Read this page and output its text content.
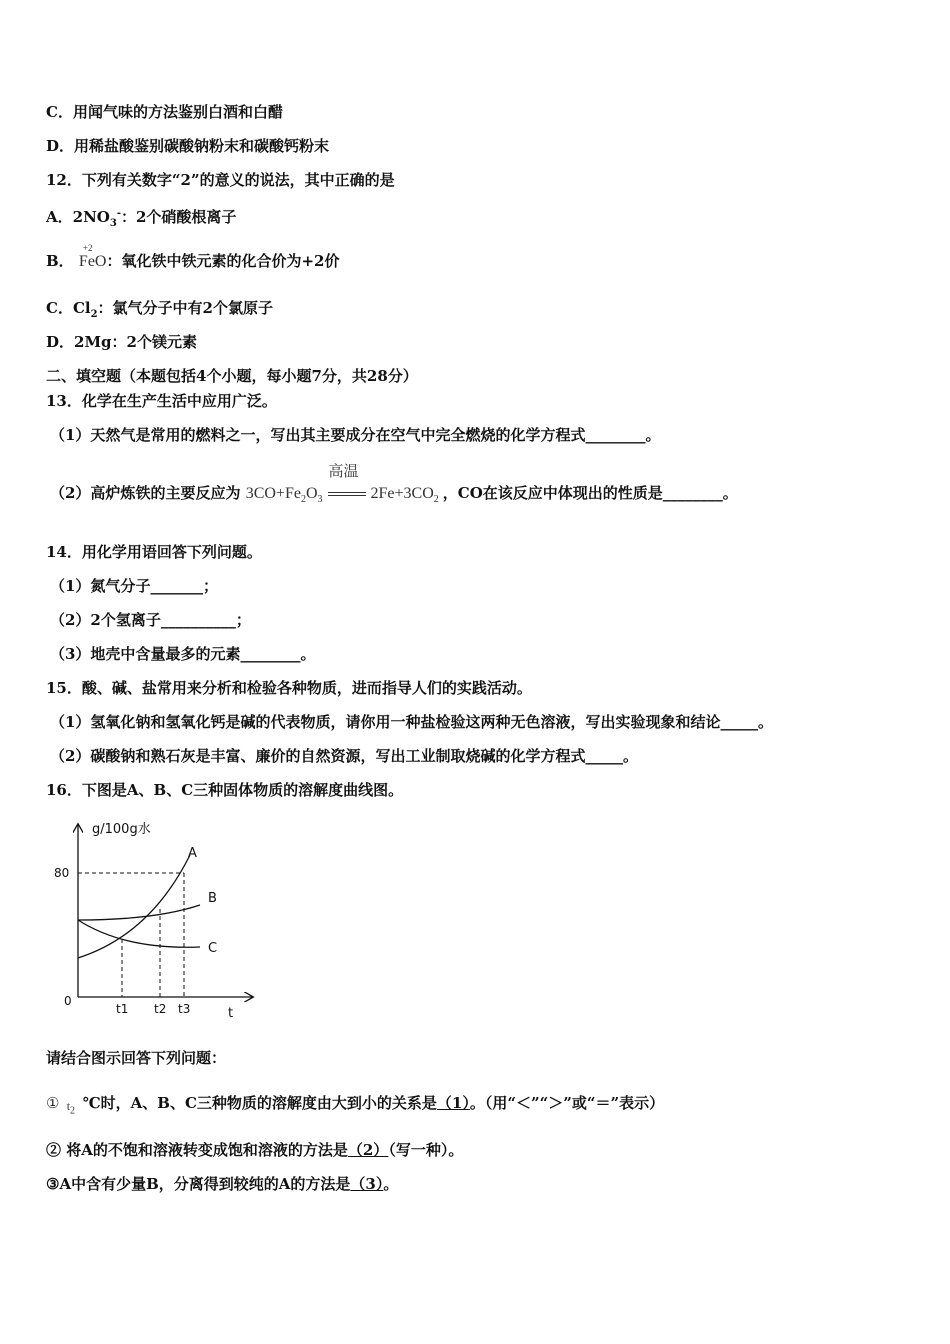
C．用闻气味的方法鉴别白酒和白醋
D．用稀盐酸鉴别碳酸钠粉末和碳酸钙粉末
12．下列有关数字“2”的意义的说法，其中正确的是
A．$2NO_3^-$：2个硝酸根离子
B．
+2
FeO：氧化铁中铁元素的化合价为+2价
C．$Cl_2$：氯气分子中有2个氯原子
D．2Mg：2个镁元素
二、填空题（本题包括4个小题，每小题7分，共28分）
13．化学在生产生活中应用广泛。
（1）天然气是常用的燃料之一，写出其主要成分在空气中完全燃烧的化学方程式________。
（2）高炉炼铁的主要反应为 $3CO+Fe_2O_3$
高温
$2Fe+3CO_2$ ，CO在该反应中体现出的性质是________。
14．用化学用语回答下列问题。
（1）氮气分子_______；
（2）2个氢离子__________；
（3）地壳中含量最多的元素________。
15．酸、碱、盐常用来分析和检验各种物质，进而指导人们的实践活动。
（1）氢氧化钠和氢氧化钙是碱的代表物质，请你用一种盐检验这两种无色溶液，写出实验现象和结论_____。
（2）碳酸钠和熟石灰是丰富、廉价的自然资源，写出工业制取烧碱的化学方程式_____。
16．下图是A、B、C三种固体物质的溶解度曲线图。
g/100g水
80
0
t
A
B
C
t1 t2 t3
请结合图示回答下列问题：
① $t_2$ ℃时，A、B、C三种物质的溶解度由大到小的关系是（1）。（用“＜”“＞”或“＝”表示）
② 将A的不饱和溶液转变成饱和溶液的方法是（2）（写一种）。
③A中含有少量B，分离得到较纯的A的方法是（3）。
